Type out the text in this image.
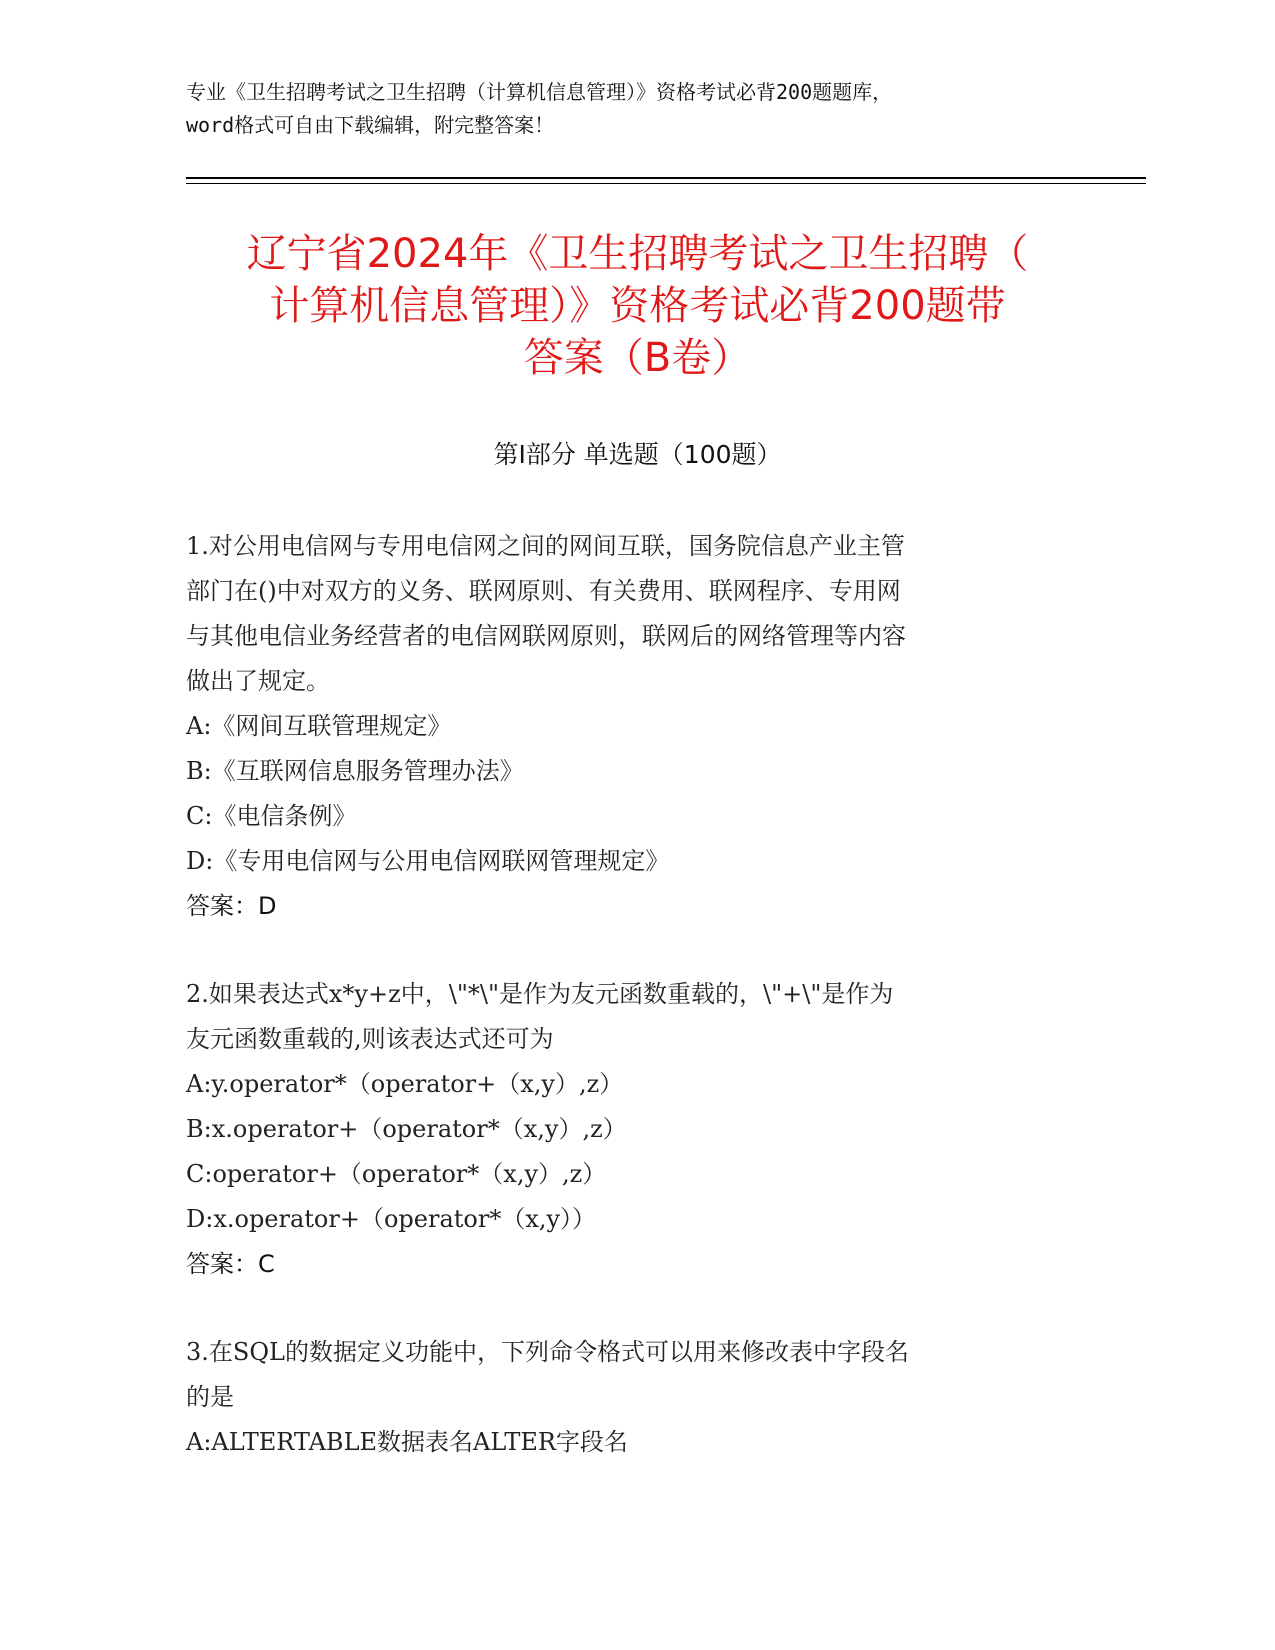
专业《卫生招聘考试之卫生招聘（计算机信息管理）》资格考试必背200题题库，
word格式可自由下载编辑，附完整答案！
辽宁省2024年《卫生招聘考试之卫生招聘（
计算机信息管理）》资格考试必背200题带
答案（B卷）
第Ⅰ部分 单选题（100题）
1.对公用电信网与专用电信网之间的网间互联，国务院信息产业主管
部门在()中对双方的义务、联网原则、有关费用、联网程序、专用网
与其他电信业务经营者的电信网联网原则，联网后的网络管理等内容
做出了规定。
A:《网间互联管理规定》
B:《互联网信息服务管理办法》
C:《电信条例》
D:《专用电信网与公用电信网联网管理规定》
答案：D
2.如果表达式x*y+z中，\"*\"是作为友元函数重载的，\"+\"是作为
友元函数重载的,则该表达式还可为
A:y.operator*（operator+（x,y）,z）
B:x.operator+（operator*（x,y）,z）
C:operator+（operator*（x,y）,z）
D:x.operator+（operator*（x,y））
答案：C
3.在SQL的数据定义功能中，下列命令格式可以用来修改表中字段名
的是
A:ALTERTABLE数据表名ALTER字段名
